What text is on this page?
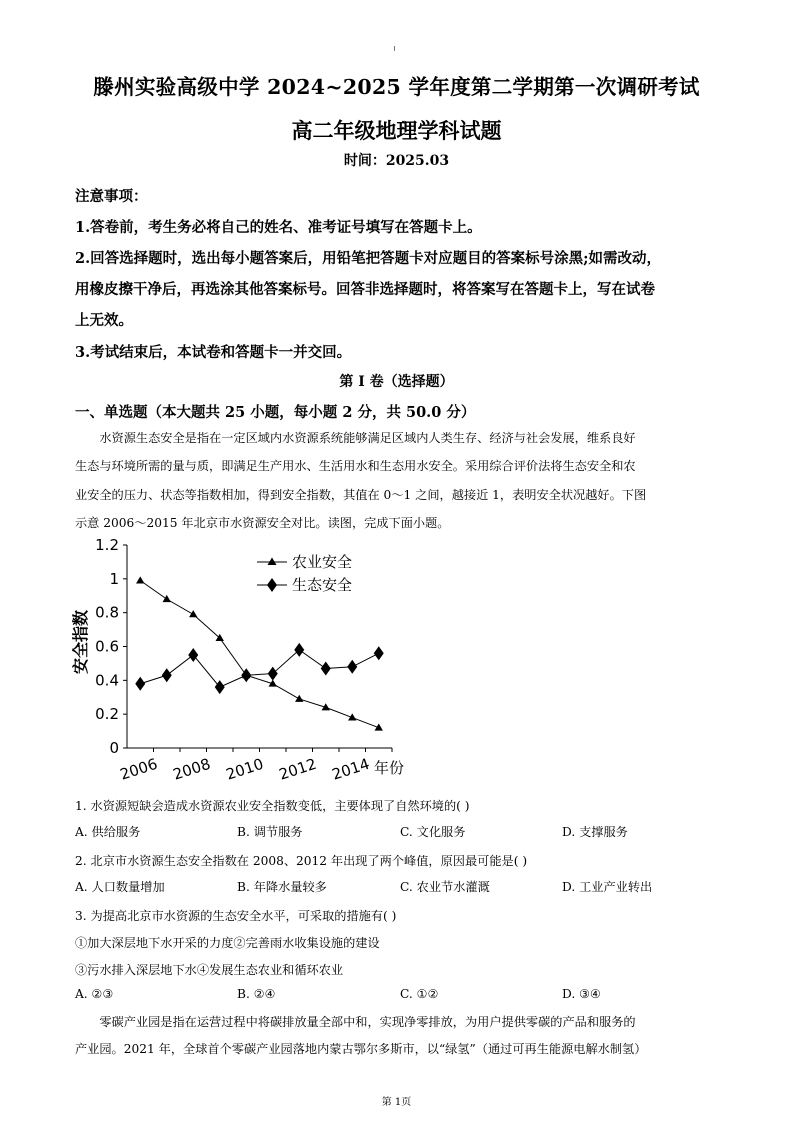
滕州实验高级中学 2024~2025 学年度第二学期第一次调研考试
高二年级地理学科试题
时间：2025.03
注意事项：
1.答卷前，考生务必将自己的姓名、准考证号填写在答题卡上。
2.回答选择题时，选出每小题答案后，用铅笔把答题卡对应题目的答案标号涂黑;如需改动，
用橡皮擦干净后，再选涂其他答案标号。回答非选择题时，将答案写在答题卡上，写在试卷
上无效。
3.考试结束后，本试卷和答题卡一并交回。
第 I 卷（选择题）
一、单选题（本大题共 25 小题，每小题 2 分，共 50.0 分）
　　水资源生态安全是指在一定区域内水资源系统能够满足区域内人类生存、经济与社会发展，维系良好
生态与环境所需的量与质，即满足生产用水、生活用水和生态用水安全。采用综合评价法将生态安全和农
业安全的压力、状态等指数相加，得到安全指数，其值在 0～1 之间，越接近 1，表明安全状况越好。下图
示意 2006～2015 年北京市水资源安全对比。读图，完成下面小题。
0
0.2
0.4
0.6
0.8
1
1.2
2006 2008 2010 2012 2014 年份
安全指数
农业安全
生态安全
1. 水资源短缺会造成水资源农业安全指数变低，主要体现了自然环境的( )
A. 供给服务	B. 调节服务	C. 文化服务	D. 支撑服务
2. 北京市水资源生态安全指数在 2008、2012 年出现了两个峰值，原因最可能是( )
A. 人口数量增加	B. 年降水量较多	C. 农业节水灌溉	D. 工业产业转出
3. 为提高北京市水资源的生态安全水平，可采取的措施有( )
①加大深层地下水开采的力度②完善雨水收集设施的建设
③污水排入深层地下水④发展生态农业和循环农业
A. ②③	B. ②④	C. ①②	D. ③④
　　零碳产业园是指在运营过程中将碳排放量全部中和，实现净零排放，为用户提供零碳的产品和服务的
产业园。2021 年，全球首个零碳产业园落地内蒙古鄂尔多斯市，以“绿氢”（通过可再生能源电解水制氢）
第 1页
